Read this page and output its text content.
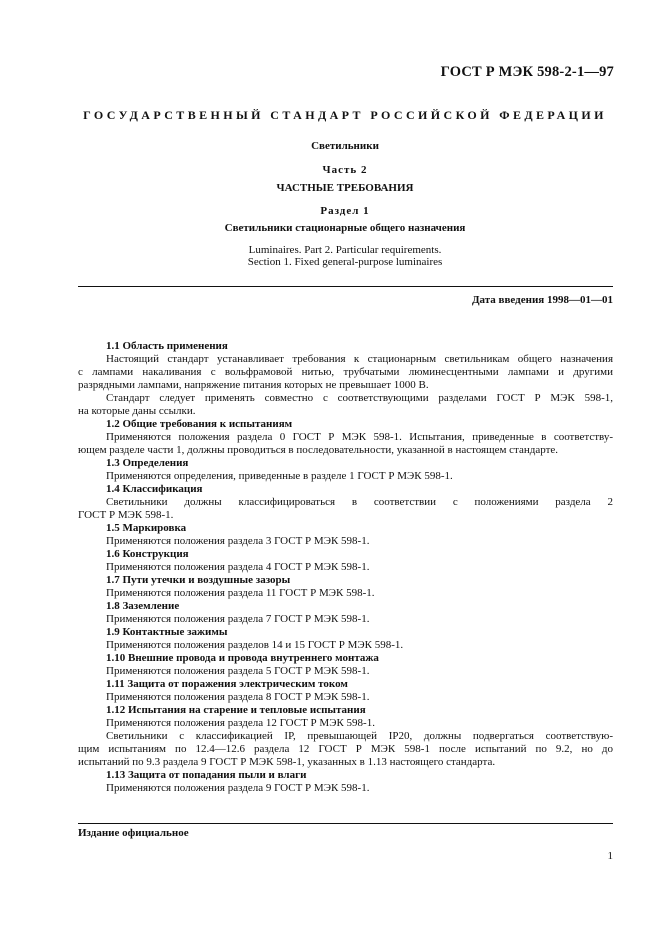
ГОСТ Р МЭК 598-2-1—97
ГОСУДАРСТВЕННЫЙ СТАНДАРТ РОССИЙСКОЙ ФЕДЕРАЦИИ
Светильники
Часть 2
ЧАСТНЫЕ ТРЕБОВАНИЯ
Раздел 1
Светильники стационарные общего назначения
Luminaires. Part 2. Particular requirements.
Section 1. Fixed general-purpose luminaires
Дата введения 1998—01—01
1.1 Область применения
Настоящий стандарт устанавливает требования к стационарным светильникам общего назначения
с лампами накаливания с вольфрамовой нитью, трубчатыми люминесцентными лампами и другими
разрядными лампами, напряжение питания которых не превышает 1000 В.
Стандарт следует применять совместно с соответствующими разделами ГОСТ Р МЭК 598-1,
на которые даны ссылки.
1.2 Общие требования к испытаниям
Применяются положения раздела 0 ГОСТ Р МЭК 598-1. Испытания, приведенные в соответству-
ющем разделе части 1, должны проводиться в последовательности, указанной в настоящем стандарте.
1.3 Определения
Применяются определения, приведенные в разделе 1 ГОСТ Р МЭК 598-1.
1.4 Классификация
Светильники должны классифицироваться в соответствии с положениями раздела 2
ГОСТ Р МЭК 598-1.
1.5 Маркировка
Применяются положения раздела 3 ГОСТ Р МЭК 598-1.
1.6 Конструкция
Применяются положения раздела 4 ГОСТ Р МЭК 598-1.
1.7 Пути утечки и воздушные зазоры
Применяются положения раздела 11 ГОСТ Р МЭК 598-1.
1.8 Заземление
Применяются положения раздела 7 ГОСТ Р МЭК 598-1.
1.9 Контактные зажимы
Применяются положения разделов 14 и 15 ГОСТ Р МЭК 598-1.
1.10 Внешние провода и провода внутреннего монтажа
Применяются положения раздела 5 ГОСТ Р МЭК 598-1.
1.11 Защита от поражения электрическим током
Применяются положения раздела 8 ГОСТ Р МЭК 598-1.
1.12 Испытания на старение и тепловые испытания
Применяются положения раздела 12 ГОСТ Р МЭК 598-1.
Светильники с классификацией IP, превышающей IP20, должны подвергаться соответствую-
щим испытаниям по 12.4—12.6 раздела 12 ГОСТ Р МЭК 598-1 после испытаний по 9.2, но до
испытаний по 9.3 раздела 9 ГОСТ Р МЭК 598-1, указанных в 1.13 настоящего стандарта.
1.13 Защита от попадания пыли и влаги
Применяются положения раздела 9 ГОСТ Р МЭК 598-1.
Издание официальное
1
